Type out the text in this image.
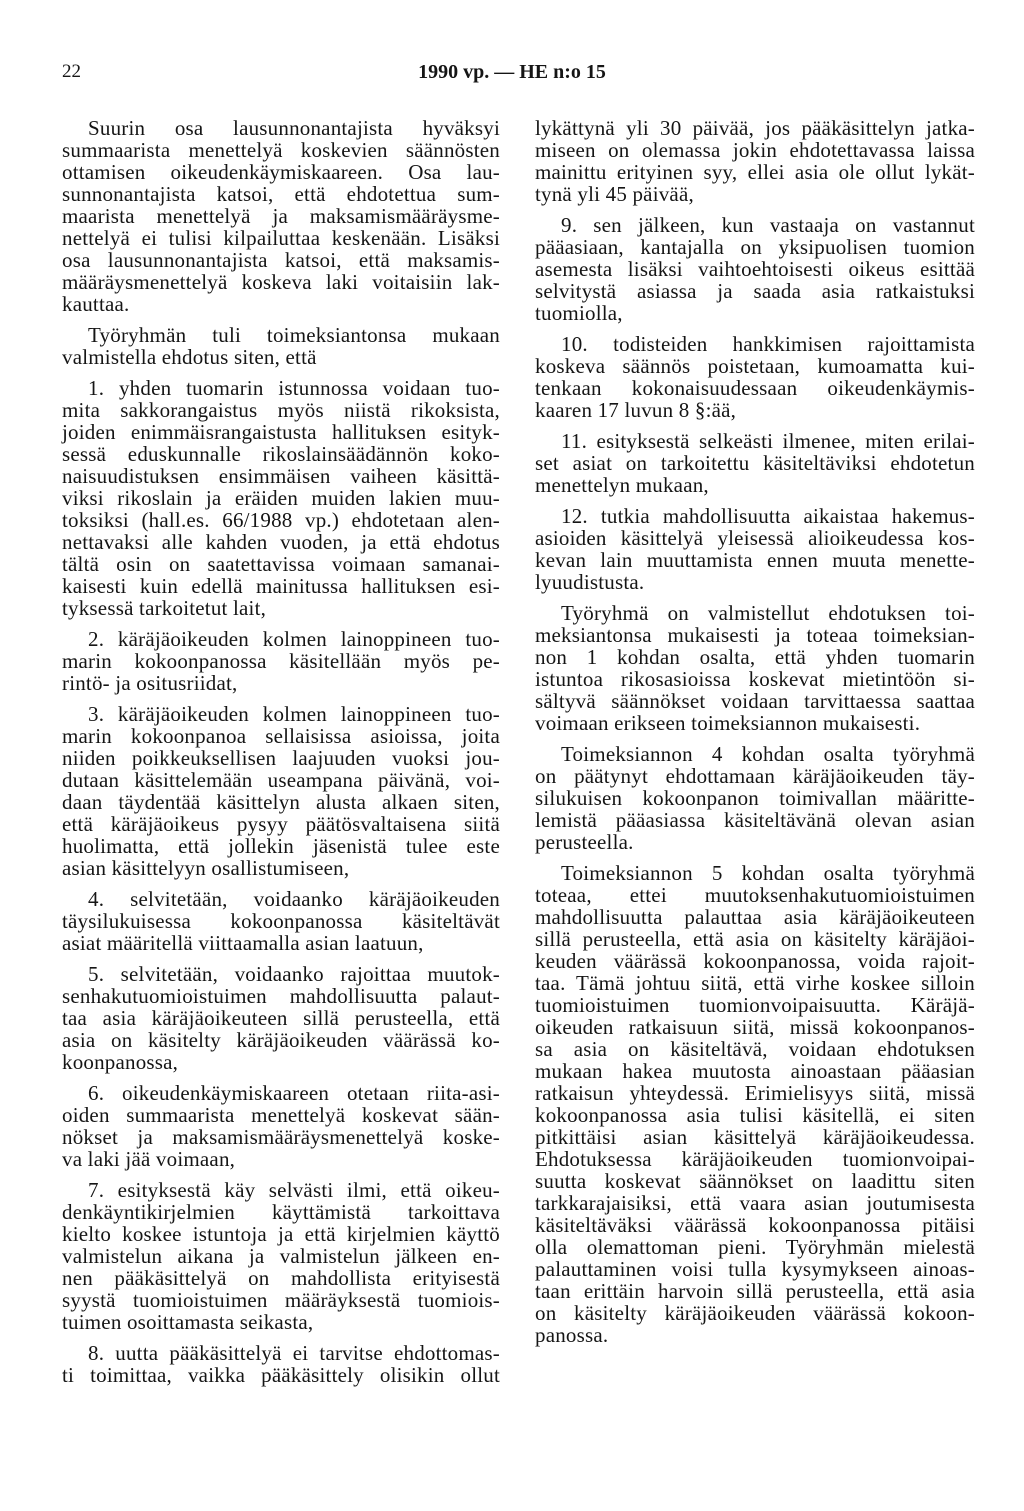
22	1990 vp. — HE n:o 15
Suurin osa lausunnonantajista hyväksyi
summaarista menettelyä koskevien säännösten
ottamisen oikeudenkäymiskaareen. Osa lau-
sunnonantajista katsoi, että ehdotettua sum-
maarista menettelyä ja maksamismääräysme-
nettelyä ei tulisi kilpailuttaa keskenään. Lisäksi
osa lausunnonantajista katsoi, että maksamis-
määräysmenettelyä koskeva laki voitaisiin lak-
kauttaa.
Työryhmän tuli toimeksiantonsa mukaan
valmistella ehdotus siten, että
1. yhden tuomarin istunnossa voidaan tuo-
mita sakkorangaistus myös niistä rikoksista,
joiden enimmäisrangaistusta hallituksen esityk-
sessä eduskunnalle rikoslainsäädännön koko-
naisuudistuksen ensimmäisen vaiheen käsittä-
viksi rikoslain ja eräiden muiden lakien muu-
toksiksi (hall.es. 66/1988 vp.) ehdotetaan alen-
nettavaksi alle kahden vuoden, ja että ehdotus
tältä osin on saatettavissa voimaan samanai-
kaisesti kuin edellä mainitussa hallituksen esi-
tyksessä tarkoitetut lait,
2. käräjäoikeuden kolmen lainoppineen tuo-
marin kokoonpanossa käsitellään myös pe-
rintö- ja ositusriidat,
3. käräjäoikeuden kolmen lainoppineen tuo-
marin kokoonpanoa sellaisissa asioissa, joita
niiden poikkeuksellisen laajuuden vuoksi jou-
dutaan käsittelemään useampana päivänä, voi-
daan täydentää käsittelyn alusta alkaen siten,
että käräjäoikeus pysyy päätösvaltaisena siitä
huolimatta, että jollekin jäsenistä tulee este
asian käsittelyyn osallistumiseen,
4. selvitetään, voidaanko käräjäoikeuden
täysilukuisessa kokoonpanossa käsiteltävät
asiat määritellä viittaamalla asian laatuun,
5. selvitetään, voidaanko rajoittaa muutok-
senhakutuomioistuimen mahdollisuutta palaut-
taa asia käräjäoikeuteen sillä perusteella, että
asia on käsitelty käräjäoikeuden väärässä ko-
koonpanossa,
6. oikeudenkäymiskaareen otetaan riita-asi-
oiden summaarista menettelyä koskevat sään-
nökset ja maksamismääräysmenettelyä koske-
va laki jää voimaan,
7. esityksestä käy selvästi ilmi, että oikeu-
denkäyntikirjelmien käyttämistä tarkoittava
kielto koskee istuntoja ja että kirjelmien käyttö
valmistelun aikana ja valmistelun jälkeen en-
nen pääkäsittelyä on mahdollista erityisestä
syystä tuomioistuimen määräyksestä tuomiois-
tuimen osoittamasta seikasta,
8. uutta pääkäsittelyä ei tarvitse ehdottomas-
ti toimittaa, vaikka pääkäsittely olisikin ollut
lykättynä yli 30 päivää, jos pääkäsittelyn jatka-
miseen on olemassa jokin ehdotettavassa laissa
mainittu erityinen syy, ellei asia ole ollut lykät-
tynä yli 45 päivää,
9. sen jälkeen, kun vastaaja on vastannut
pääasiaan, kantajalla on yksipuolisen tuomion
asemesta lisäksi vaihtoehtoisesti oikeus esittää
selvitystä asiassa ja saada asia ratkaistuksi
tuomiolla,
10. todisteiden hankkimisen rajoittamista
koskeva säännös poistetaan, kumoamatta kui-
tenkaan kokonaisuudessaan oikeudenkäymis-
kaaren 17 luvun 8 §:ää,
11. esityksestä selkeästi ilmenee, miten erilai-
set asiat on tarkoitettu käsiteltäviksi ehdotetun
menettelyn mukaan,
12. tutkia mahdollisuutta aikaistaa hakemus-
asioiden käsittelyä yleisessä alioikeudessa kos-
kevan lain muuttamista ennen muuta menette-
lyuudistusta.
Työryhmä on valmistellut ehdotuksen toi-
meksiantonsa mukaisesti ja toteaa toimeksian-
non 1 kohdan osalta, että yhden tuomarin
istuntoa rikosasioissa koskevat mietintöön si-
sältyvä säännökset voidaan tarvittaessa saattaa
voimaan erikseen toimeksiannon mukaisesti.
Toimeksiannon 4 kohdan osalta työryhmä
on päätynyt ehdottamaan käräjäoikeuden täy-
silukuisen kokoonpanon toimivallan määritte-
lemistä pääasiassa käsiteltävänä olevan asian
perusteella.
Toimeksiannon 5 kohdan osalta työryhmä
toteaa, ettei muutoksenhakutuomioistuimen
mahdollisuutta palauttaa asia käräjäoikeuteen
sillä perusteella, että asia on käsitelty käräjäoi-
keuden väärässä kokoonpanossa, voida rajoit-
taa. Tämä johtuu siitä, että virhe koskee silloin
tuomioistuimen tuomionvoipaisuutta. Käräjä-
oikeuden ratkaisuun siitä, missä kokoonpanos-
sa asia on käsiteltävä, voidaan ehdotuksen
mukaan hakea muutosta ainoastaan pääasian
ratkaisun yhteydessä. Erimielisyys siitä, missä
kokoonpanossa asia tulisi käsitellä, ei siten
pitkittäisi asian käsittelyä käräjäoikeudessa.
Ehdotuksessa käräjäoikeuden tuomionvoipai-
suutta koskevat säännökset on laadittu siten
tarkkarajaisiksi, että vaara asian joutumisesta
käsiteltäväksi väärässä kokoonpanossa pitäisi
olla olemattoman pieni. Työryhmän mielestä
palauttaminen voisi tulla kysymykseen ainoas-
taan erittäin harvoin sillä perusteella, että asia
on käsitelty käräjäoikeuden väärässä kokoon-
panossa.
